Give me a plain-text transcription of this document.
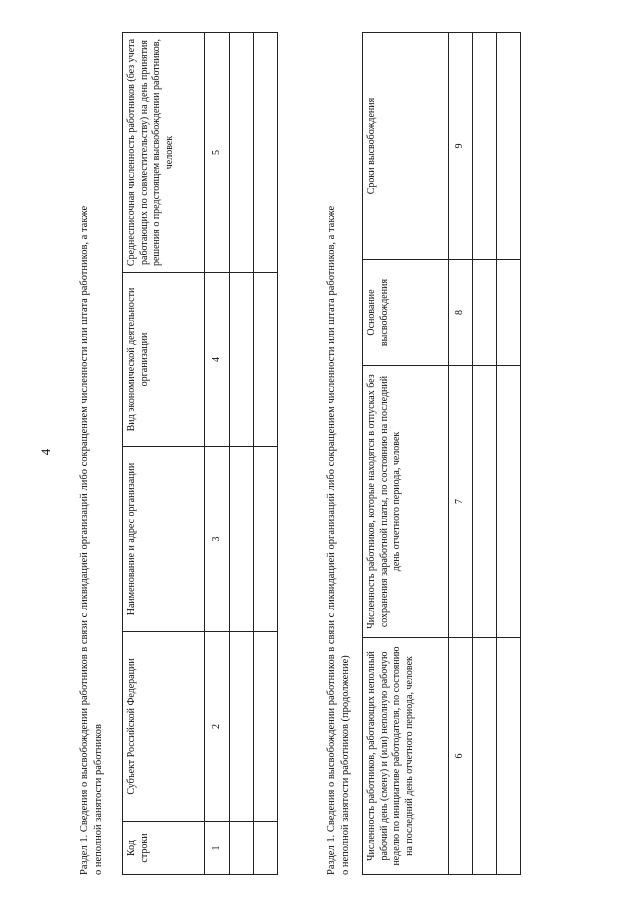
4 Раздел 1. Сведения о высвобождении работников в связи с ликвидацией организаций либо сокращением численности или штата работников, а также о неполной занятости работников Код строки	Субъект Российской Федерации	Наименование и адрес организации	Вид экономической деятельности организации	Среднесписочная численность работников (без учета работающих по совместительству) на день принятия решения о предстоящем высвобождении работников, человек
1	2	3	4	5

Раздел 1. Сведения о высвобождении работников в связи с ликвидацией организаций либо сокращением численности или штата работников, а также о неполной занятости работников (продолжение) Численность работников, работающих неполный рабочий день (смену) и (или) неполную рабочую неделю по инициативе работодателя, по состоянию на последний день отчетного периода, человек	Численность работников, которые находятся в отпусках без сохранения заработной платы, по состоянию на последний день отчетного периода, человек	Основание высвобождения	Сроки высвобождения
6	7	8	9
